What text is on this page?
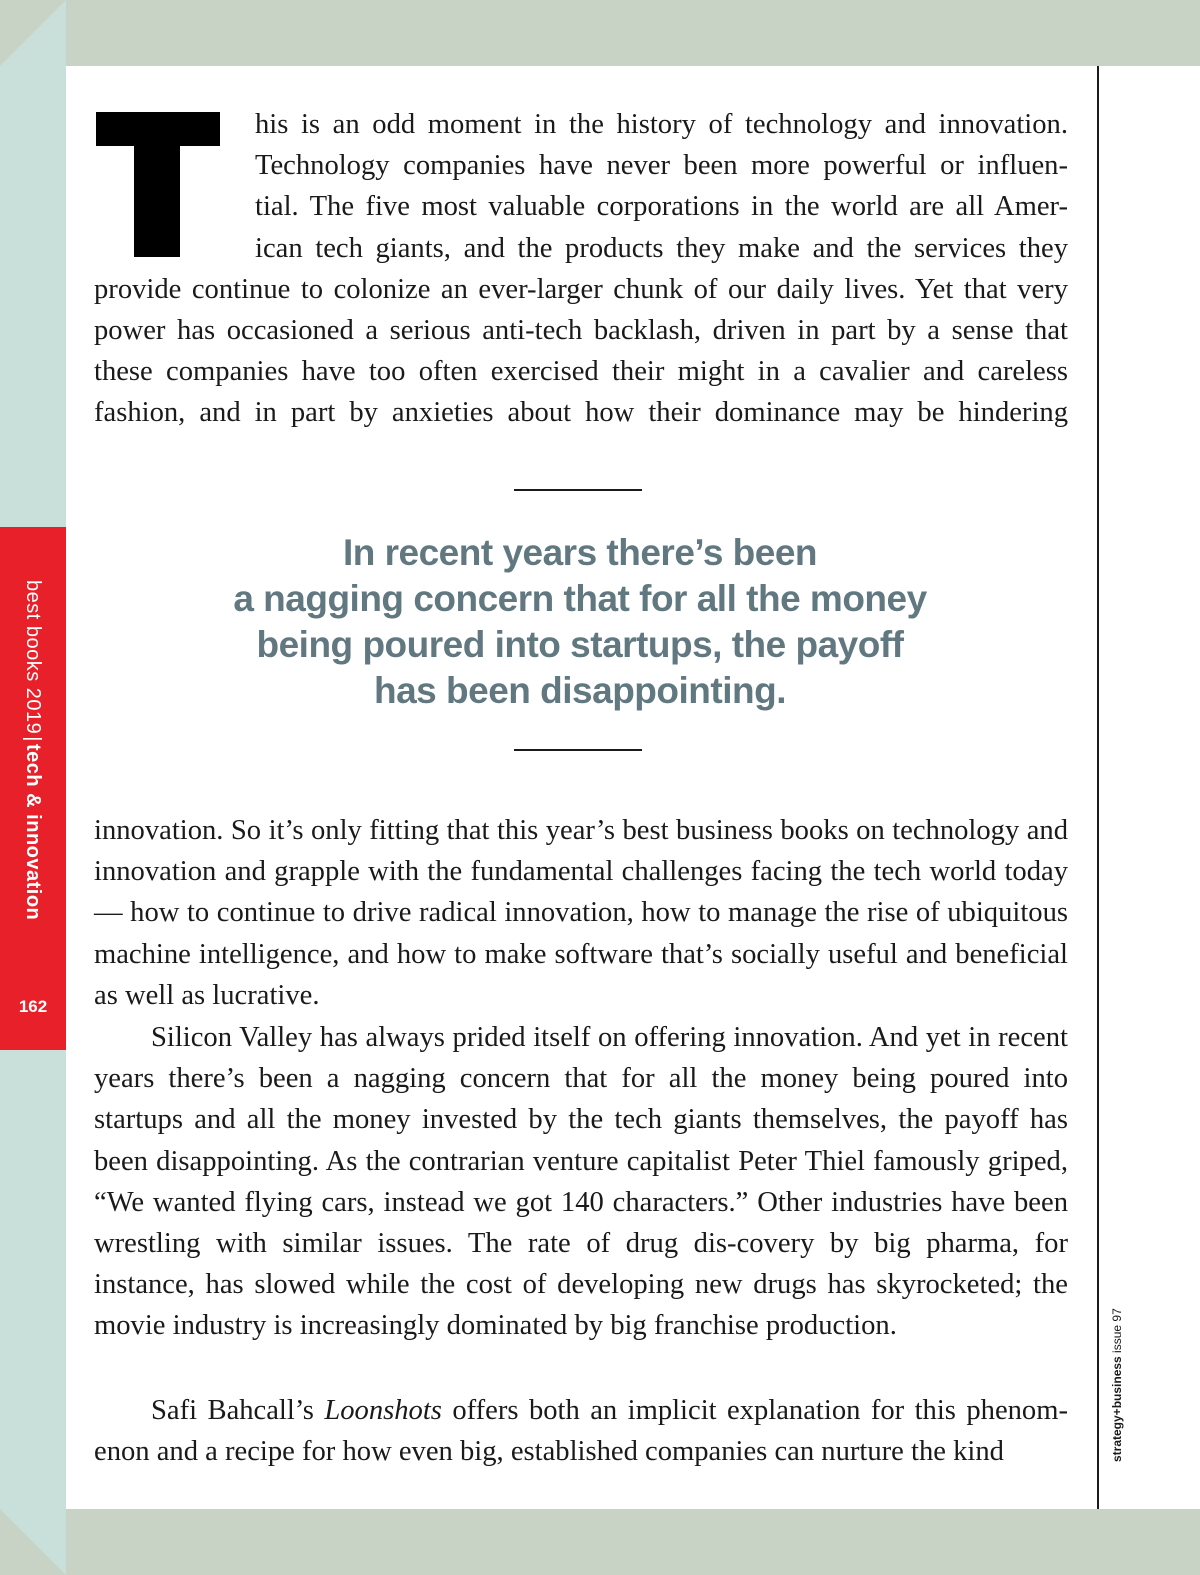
best books 2019|tech & innovation
162
strategy+business issue 97
his is an odd moment in the history of technology and innovation.
Technology companies have never been more powerful or influen-
tial. The five most valuable corporations in the world are all Amer-
ican tech giants, and the products they make and the services they
provide continue to colonize an ever-larger chunk of our daily lives. Yet that very
power has occasioned a serious anti-tech backlash, driven in part by a sense that
these companies have too often exercised their might in a cavalier and careless
fashion, and in part by anxieties about how their dominance may be hindering
In recent years there’s been
a nagging concern that for all the money
being poured into startups, the payoff
has been disappointing.

innovation. So it’s only fitting that this year’s best business books on technology and innovation and grapple with the fundamental challenges facing the tech world today — how to continue to drive radical innovation, how to manage the rise of ubiquitous machine intelligence, and how to make software that’s socially useful and beneficial as well as lucrative.

Silicon Valley has always prided itself on offering innovation. And yet in recent years there’s been a nagging concern that for all the money being poured into startups and all the money invested by the tech giants themselves, the payoff has been disappointing. As the contrarian venture capitalist Peter Thiel famously griped, “We wanted flying cars, instead we got 140 characters.” Other industries have been wrestling with similar issues. The rate of drug dis-covery by big pharma, for instance, has slowed while the cost of developing new drugs has skyrocketed; the movie industry is increasingly dominated by big franchise production.

Safi Bahcall’s Loonshots offers both an implicit explanation for this phenom-enon and a recipe for how even big, established companies can nurture the kind
